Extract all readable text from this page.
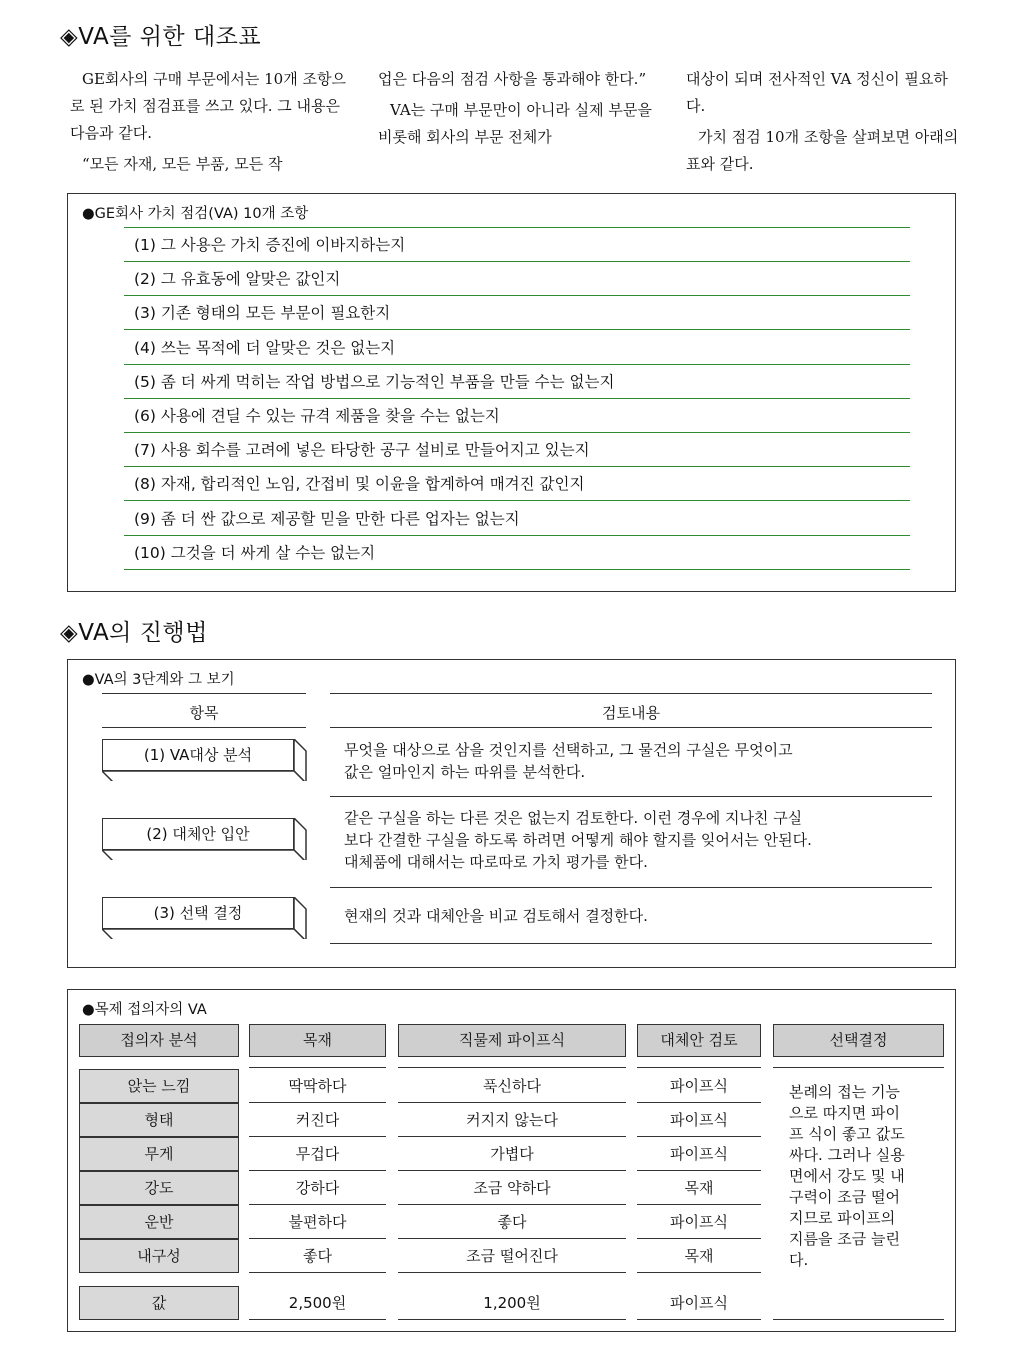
◈VA를 위한 대조표

GE회사의 구매 부문에서는 10개 조항으로 된 가치 점검표를 쓰고 있다. 그 내용은 다음과 같다.

“모든 자재, 모든 부품, 모든 작

업은 다음의 점검 사항을 통과해야 한다.”

VA는 구매 부문만이 아니라 실제 부문을 비롯해 회사의 부문 전체가

대상이 되며 전사적인 VA 정신이 필요하다.

가치 점검 10개 조항을 살펴보면 아래의 표와 같다.

●GE회사 가치 점검(VA) 10개 조항
(1) 그 사용은 가치 증진에 이바지하는지
(2) 그 유효동에 알맞은 값인지
(3) 기존 형태의 모든 부문이 필요한지
(4) 쓰는 목적에 더 알맞은 것은 없는지
(5) 좀 더 싸게 먹히는 작업 방법으로 기능적인 부품을 만들 수는 없는지
(6) 사용에 견딜 수 있는 규격 제품을 찾을 수는 없는지
(7) 사용 회수를 고려에 넣은 타당한 공구 설비로 만들어지고 있는지
(8) 자재, 합리적인 노임, 간접비 및 이윤을 합계하여 매겨진 값인지
(9) 좀 더 싼 값으로 제공할 믿을 만한 다른 업자는 없는지
(10) 그것을 더 싸게 살 수는 없는지
◈VA의 진행법
●VA의 3단계와 그 보기
항목	검토내용
(1) VA대상 분석	무엇을 대상으로 삼을 것인지를 선택하고, 그 물건의 구실은 무엇이고
값은 얼마인지 하는 따위를 분석한다.
(2) 대체안 입안
같은 구실을 하는 다른 것은 없는지 검토한다. 이런 경우에 지나친 구실
보다 간결한 구실을 하도록 하려면 어떻게 해야 할지를 잊어서는 안된다.
대체품에 대해서는 따로따로 가치 평가를 한다.
(3) 선택 결정	현재의 것과 대체안을 비교 검토해서 결정한다.
●목제 접의자의 VA
접의자 분석	목재	직물제 파이프식	대체안 검토	선택결정
앉는 느낌	딱딱하다	푹신하다	파이프식
형태	커진다	커지지 않는다	파이프식
무게	무겁다	가볍다	파이프식
강도	강하다	조금 약하다	목재
운반	불편하다	좋다	파이프식
내구성	좋다	조금 떨어진다	목재
값	2,500원	1,200원	파이프식
본례의 접는 기능
으로 따지면 파이
프 식이 좋고 값도
싸다. 그러나 실용
면에서 강도 및 내
구력이 조금 떨어
지므로 파이프의
지름을 조금 늘린
다.
